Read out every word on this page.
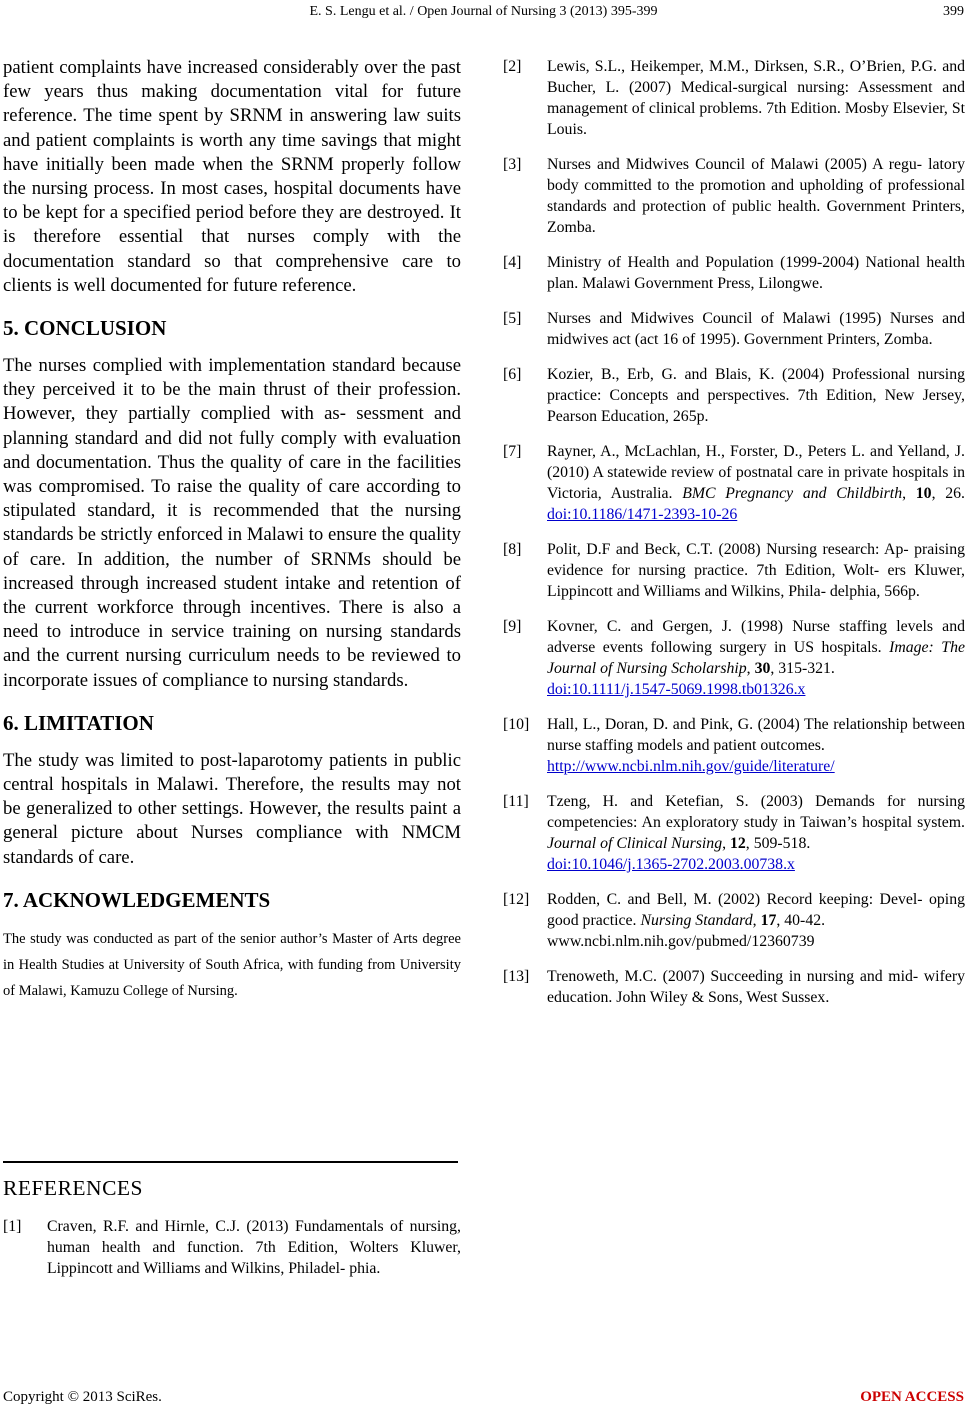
E. S. Lengu et al. / Open Journal of Nursing 3 (2013) 395-399	399

patient complaints have increased considerably over the past few years thus making documentation vital for future reference. The time spent by SRNM in answering law suits and patient complaints is worth any time savings that might have initially been made when the SRNM properly follow the nursing process. In most cases, hospital documents have to be kept for a specified period before they are destroyed. It is therefore essential that nurses comply with the documentation standard so that comprehensive care to clients is well documented for future reference.

5. CONCLUSION

The nurses complied with implementation standard because they perceived it to be the main thrust of their profession. However, they partially complied with as- sessment and planning standard and did not fully comply with evaluation and documentation. Thus the quality of care in the facilities was compromised. To raise the quality of care according to stipulated standard, it is recommended that the nursing standards be strictly enforced in Malawi to ensure the quality of care. In addition, the number of SRNMs should be increased through increased student intake and retention of the current workforce through incentives. There is also a need to introduce in service training on nursing standards and the current nursing curriculum needs to be reviewed to incorporate issues of compliance to nursing standards.

6. LIMITATION

The study was limited to post-laparotomy patients in public central hospitals in Malawi. Therefore, the results may not be generalized to other settings. However, the results paint a general picture about Nurses compliance with NMCM standards of care.

7. ACKNOWLEDGEMENTS

The study was conducted as part of the senior author’s Master of Arts degree in Health Studies at University of South Africa, with funding from University of Malawi, Kamuzu College of Nursing.

REFERENCES
[1]	Craven, R.F. and Hirnle, C.J. (2013) Fundamentals of nursing, human health and function. 7th Edition, Wolters Kluwer, Lippincott and Williams and Wilkins, Philadel- phia.
[2]	Lewis, S.L., Heikemper, M.M., Dirksen, S.R., O’Brien, P.G. and Bucher, L. (2007) Medical-surgical nursing: Assessment and management of clinical problems. 7th Edition. Mosby Elsevier, St Louis.
[3]	Nurses and Midwives Council of Malawi (2005) A regu- latory body committed to the promotion and upholding of professional standards and protection of public health. Government Printers, Zomba.
[4]	Ministry of Health and Population (1999-2004) National health plan. Malawi Government Press, Lilongwe.
[5]	Nurses and Midwives Council of Malawi (1995) Nurses and midwives act (act 16 of 1995). Government Printers, Zomba.
[6]	Kozier, B., Erb, G. and Blais, K. (2004) Professional nursing practice: Concepts and perspectives. 7th Edition, New Jersey, Pearson Education, 265p.
[7]	Rayner, A., McLachlan, H., Forster, D., Peters L. and Yelland, J. (2010) A statewide review of postnatal care in private hospitals in Victoria, Australia. BMC Pregnancy and Childbirth, 10, 26. doi:10.1186/1471-2393-10-26
[8]	Polit, D.F and Beck, C.T. (2008) Nursing research: Ap- praising evidence for nursing practice. 7th Edition, Wolt- ers Kluwer, Lippincott and Williams and Wilkins, Phila- delphia, 566p.
[9]	Kovner, C. and Gergen, J. (1998) Nurse staffing levels and adverse events following surgery in US hospitals. Image: The Journal of Nursing Scholarship, 30, 315-321.
doi:10.1111/j.1547-5069.1998.tb01326.x
[10]	Hall, L., Doran, D. and Pink, G. (2004) The relationship between nurse staffing models and patient outcomes.
http://www.ncbi.nlm.nih.gov/guide/literature/
[11]	Tzeng, H. and Ketefian, S. (2003) Demands for nursing competencies: An exploratory study in Taiwan’s hospital system. Journal of Clinical Nursing, 12, 509-518.
doi:10.1046/j.1365-2702.2003.00738.x
[12]	Rodden, C. and Bell, M. (2002) Record keeping: Devel- oping good practice. Nursing Standard, 17, 40-42.
www.ncbi.nlm.nih.gov/pubmed/12360739
[13]	Trenoweth, M.C. (2007) Succeeding in nursing and mid- wifery education. John Wiley & Sons, West Sussex.
Copyright © 2013 SciRes.	OPEN ACCESS
